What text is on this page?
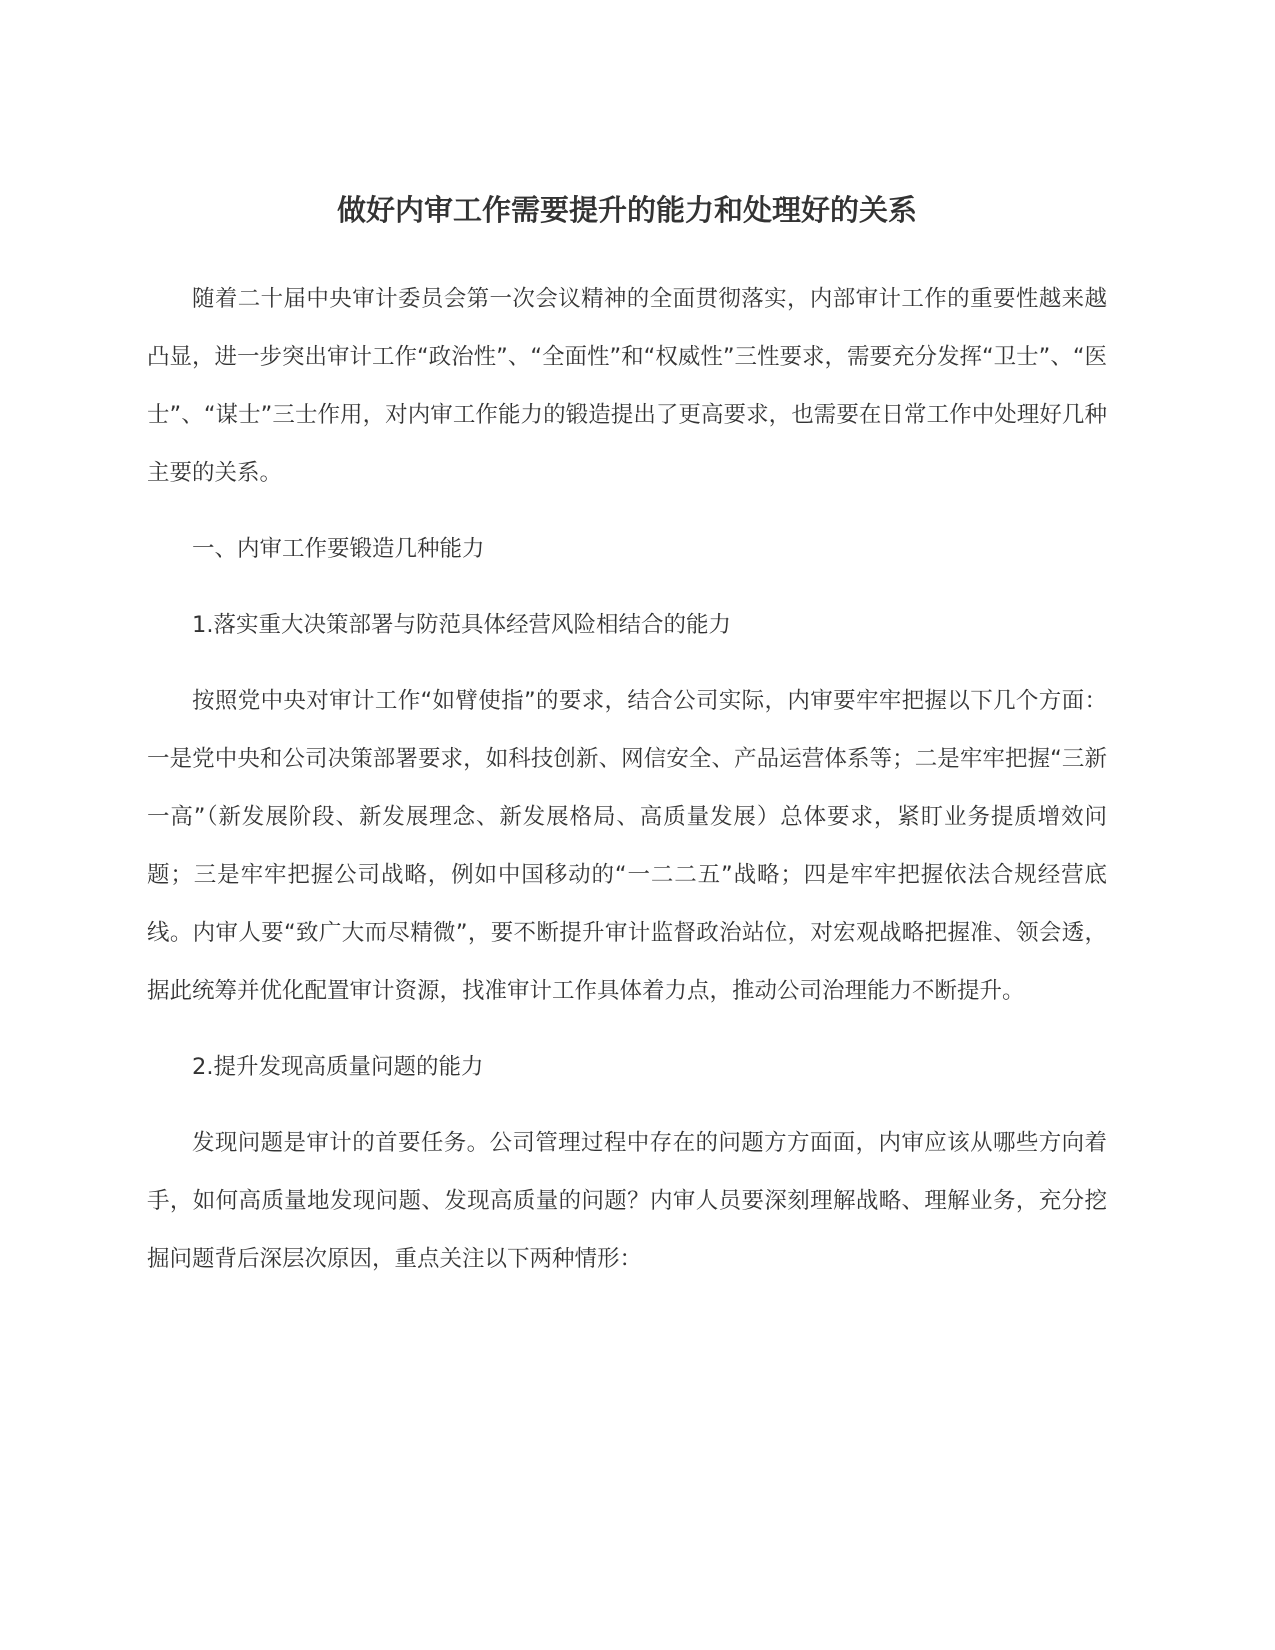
做好内审工作需要提升的能力和处理好的关系

随着二十届中央审计委员会第一次会议精神的全面贯彻落实，内部审计工作的重要性越来越凸显，进一步突出审计工作“政治性”、“全面性”和“权威性”三性要求，需要充分发挥“卫士”、“医士”、“谋士”三士作用，对内审工作能力的锻造提出了更高要求，也需要在日常工作中处理好几种主要的关系。

一、内审工作要锻造几种能力

1.落实重大决策部署与防范具体经营风险相结合的能力

按照党中央对审计工作“如臂使指”的要求，结合公司实际，内审要牢牢把握以下几个方面：一是党中央和公司决策部署要求，如科技创新、网信安全、产品运营体系等；二是牢牢把握“三新一高”（新发展阶段、新发展理念、新发展格局、高质量发展）总体要求，紧盯业务提质增效问题；三是牢牢把握公司战略，例如中国移动的“一二二五”战略；四是牢牢把握依法合规经营底线。内审人要“致广大而尽精微”，要不断提升审计监督政治站位，对宏观战略把握准、领会透，据此统筹并优化配置审计资源，找准审计工作具体着力点，推动公司治理能力不断提升。

2.提升发现高质量问题的能力

发现问题是审计的首要任务。公司管理过程中存在的问题方方面面，内审应该从哪些方向着手，如何高质量地发现问题、发现高质量的问题？内审人员要深刻理解战略、理解业务，充分挖掘问题背后深层次原因，重点关注以下两种情形：
